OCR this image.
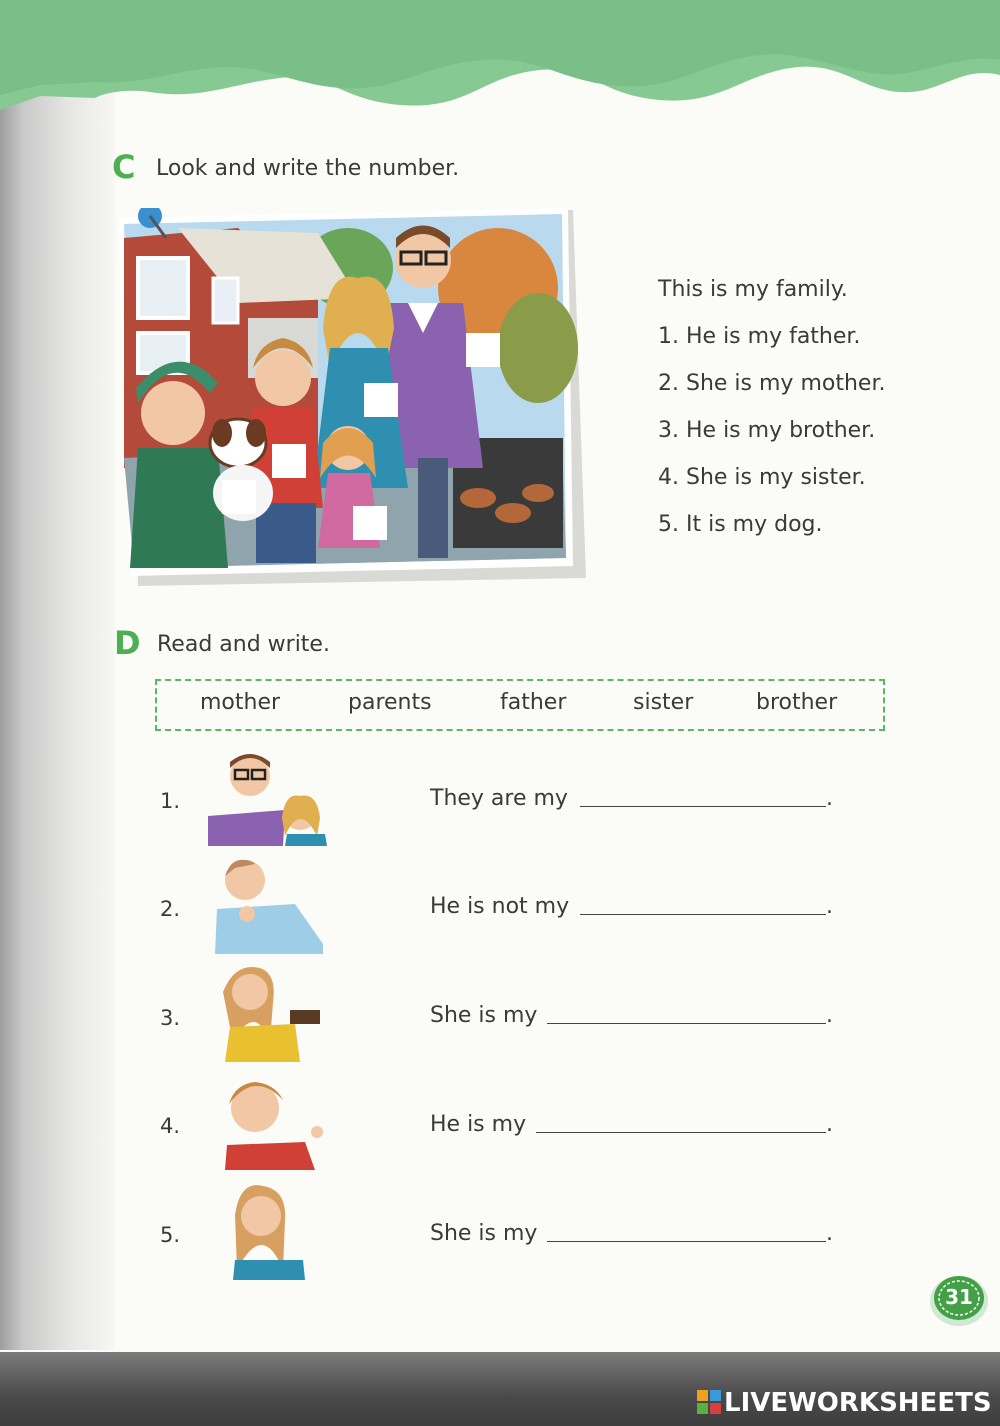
C Look and write the number.
This is my family.
1. He is my father.
2. She is my mother.
3. He is my brother.
4. She is my sister.
5. It is my dog.
D Read and write.
mother	parents	father	sister	brother
1.	They are my	.
2.	He is not my	.
3.	She is my	.
4.	He is my	.
5.	She is my	.
31
LIVEWORKSHEETS
